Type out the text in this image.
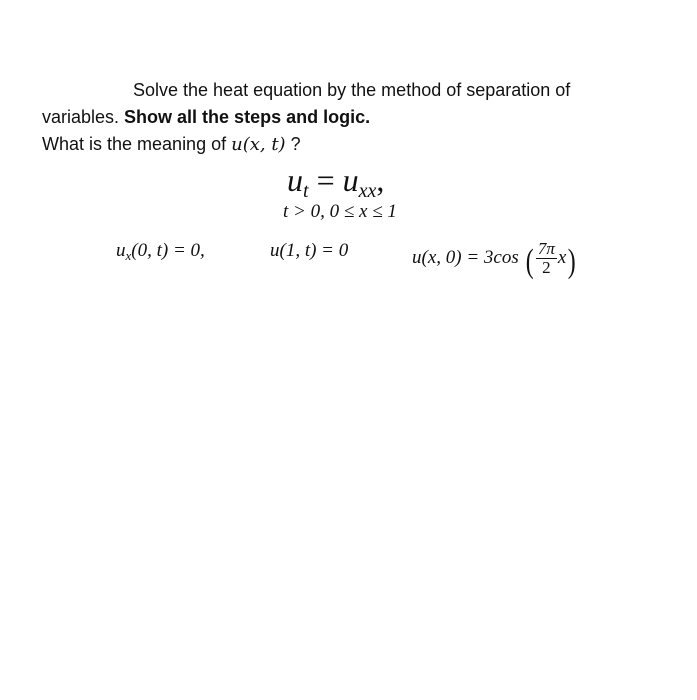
Solve the heat equation by the method of separation of
variables. Show all the steps and logic.
What is the meaning of u(x, t) ?
$u_t = u_{xx}$,
t > 0, 0 ≤ x ≤ 1
$u_x(0$, t) = 0,	u(1, t) = 0	u(x, 0) = 3cos ( $\frac{7\pi}{2} x$)
